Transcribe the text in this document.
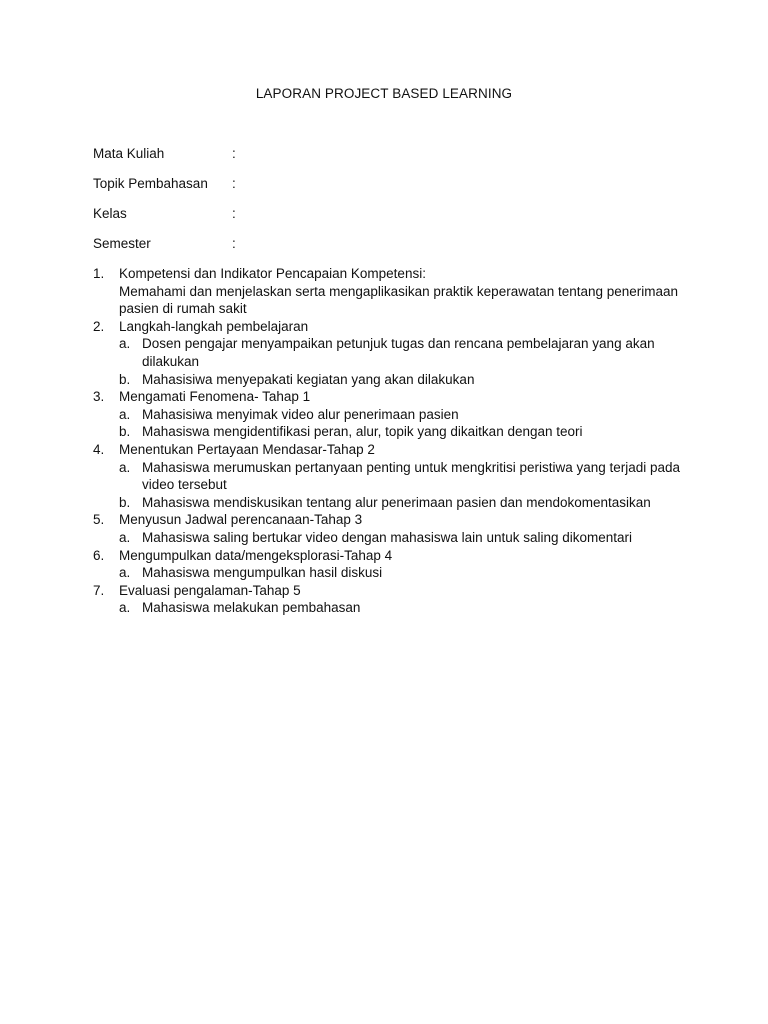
LAPORAN PROJECT BASED LEARNING
Mata Kuliah	:
Topik Pembahasan	:
Kelas	:
Semester	:
1.	Kompetensi dan Indikator Pencapaian Kompetensi:
Memahami dan menjelaskan serta mengaplikasikan praktik keperawatan tentang penerimaan pasien di rumah sakit
2.	Langkah-langkah pembelajaran
a. Dosen pengajar menyampaikan petunjuk tugas dan rencana pembelajaran yang akan dilakukan
b. Mahasisiwa menyepakati kegiatan yang akan dilakukan
3.	Mengamati Fenomena- Tahap 1
a. Mahasisiwa menyimak video alur penerimaan pasien
b. Mahasiswa mengidentifikasi peran, alur, topik yang dikaitkan dengan teori
4.	Menentukan Pertayaan Mendasar-Tahap 2
a. Mahasiswa merumuskan pertanyaan penting untuk mengkritisi peristiwa yang terjadi pada video tersebut
b. Mahasiswa mendiskusikan tentang alur penerimaan pasien dan mendokomentasikan
5.	Menyusun Jadwal perencanaan-Tahap 3
a. Mahasiswa saling bertukar video dengan mahasiswa lain untuk saling dikomentari
6.	Mengumpulkan data/mengeksplorasi-Tahap 4
a. Mahasiswa mengumpulkan hasil diskusi
7.	Evaluasi pengalaman-Tahap 5
a. Mahasiswa melakukan pembahasan
